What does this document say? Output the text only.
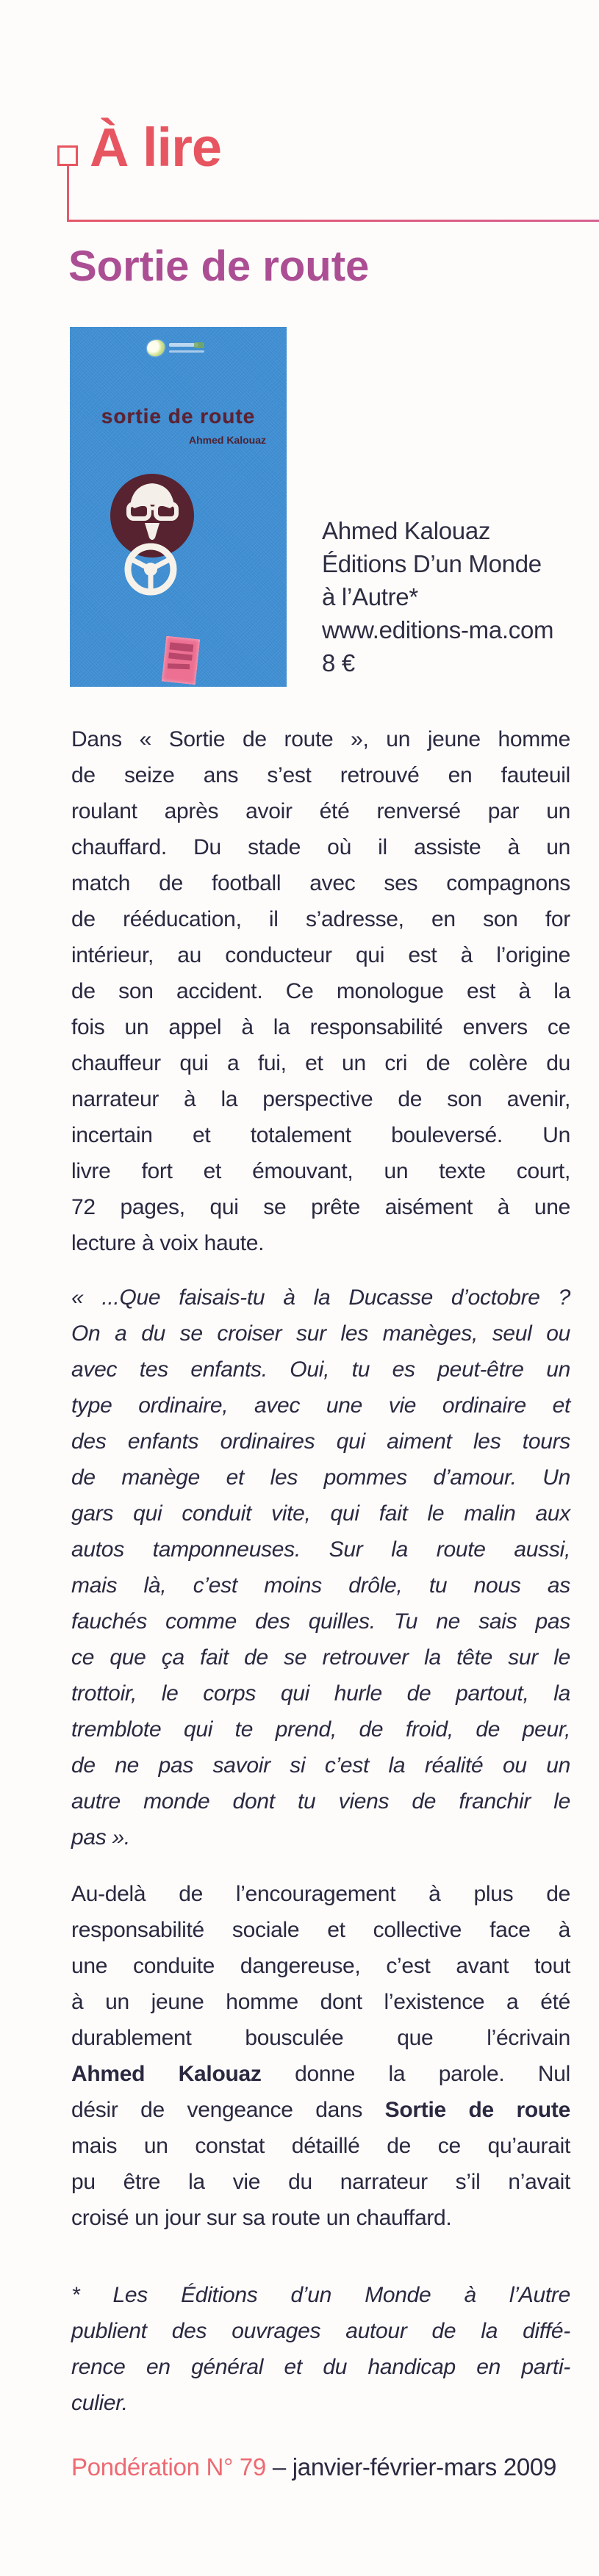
À lire
Sortie de route
sortie de route
Ahmed Kalouaz
Ahmed Kalouaz
Éditions D’un Monde
à l’Autre*
www.editions-ma.com
8 €
Dans « Sortie de route », un jeune homme
de seize ans s’est retrouvé en fauteuil
roulant après avoir été renversé par un
chauffard. Du stade où il assiste à un
match de football avec ses compagnons
de rééducation, il s’adresse, en son for
intérieur, au conducteur qui est à l’origine
de son accident. Ce monologue est à la
fois un appel à la responsabilité envers ce
chauffeur qui a fui, et un cri de colère du
narrateur à la perspective de son avenir,
incertain et totalement bouleversé. Un
livre fort et émouvant, un texte court,
72 pages, qui se prête aisément à une
lecture à voix haute.
« ...Que faisais-tu à la Ducasse d’octobre ?
On a du se croiser sur les manèges, seul ou
avec tes enfants. Oui, tu es peut-être un
type ordinaire, avec une vie ordinaire et
des enfants ordinaires qui aiment les tours
de manège et les pommes d’amour. Un
gars qui conduit vite, qui fait le malin aux
autos tamponneuses. Sur la route aussi,
mais là, c’est moins drôle, tu nous as
fauchés comme des quilles. Tu ne sais pas
ce que ça fait de se retrouver la tête sur le
trottoir, le corps qui hurle de partout, la
tremblote qui te prend, de froid, de peur,
de ne pas savoir si c’est la réalité ou un
autre monde dont tu viens de franchir le
pas ».
Au-delà de l’encouragement à plus de
responsabilité sociale et collective face à
une conduite dangereuse, c’est avant tout
à un jeune homme dont l’existence a été
durablement bousculée que l’écrivain
Ahmed Kalouaz donne la parole. Nul
désir de vengeance dans Sortie de route
mais un constat détaillé de ce qu’aurait
pu être la vie du narrateur s’il n’avait
croisé un jour sur sa route un chauffard.
* Les Éditions d’un Monde à l’Autre
publient des ouvrages autour de la diffé-
rence en général et du handicap en parti-
culier.
Pondération N° 79 – janvier-février-mars 2009
